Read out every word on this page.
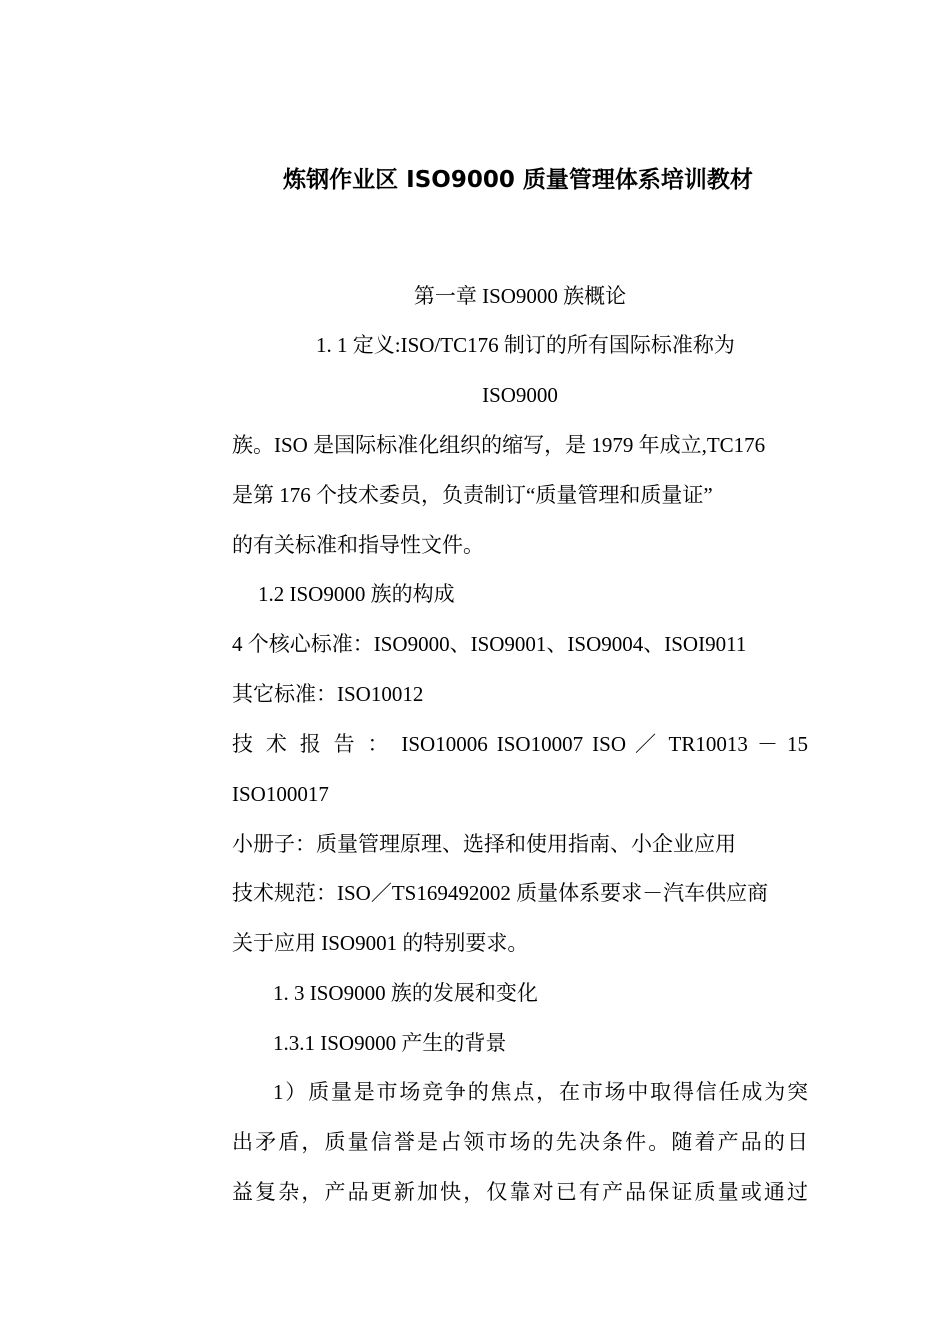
炼钢作业区 ISO9000 质量管理体系培训教材
第一章 ISO9000 族概论
1. 1 定义:ISO/TC176 制订的所有国际标准称为
ISO9000
族。ISO 是国际标准化组织的缩写，是 1979 年成立,TC176
是第 176 个技术委员，负责制订“质量管理和质量证”
的有关标准和指导性文件。
1.2 ISO9000 族的构成
4 个核心标准：ISO9000、ISO9001、ISO9004、ISOI9011
其它标准：ISO10012
技 术 报 告 ： ISO10006 ISO10007 ISO ／ TR10013 － 15
ISO100017
小册子：质量管理原理、选择和使用指南、小企业应用
技术规范：ISO／TS169492002 质量体系要求－汽车供应商
关于应用 ISO9001 的特别要求。
1. 3 ISO9000 族的发展和变化
1.3.1 ISO9000 产生的背景
1）质量是市场竞争的焦点，在市场中取得信任成为突
出矛盾，质量信誉是占领市场的先决条件。随着产品的日
益复杂，产品更新加快，仅靠对已有产品保证质量或通过
